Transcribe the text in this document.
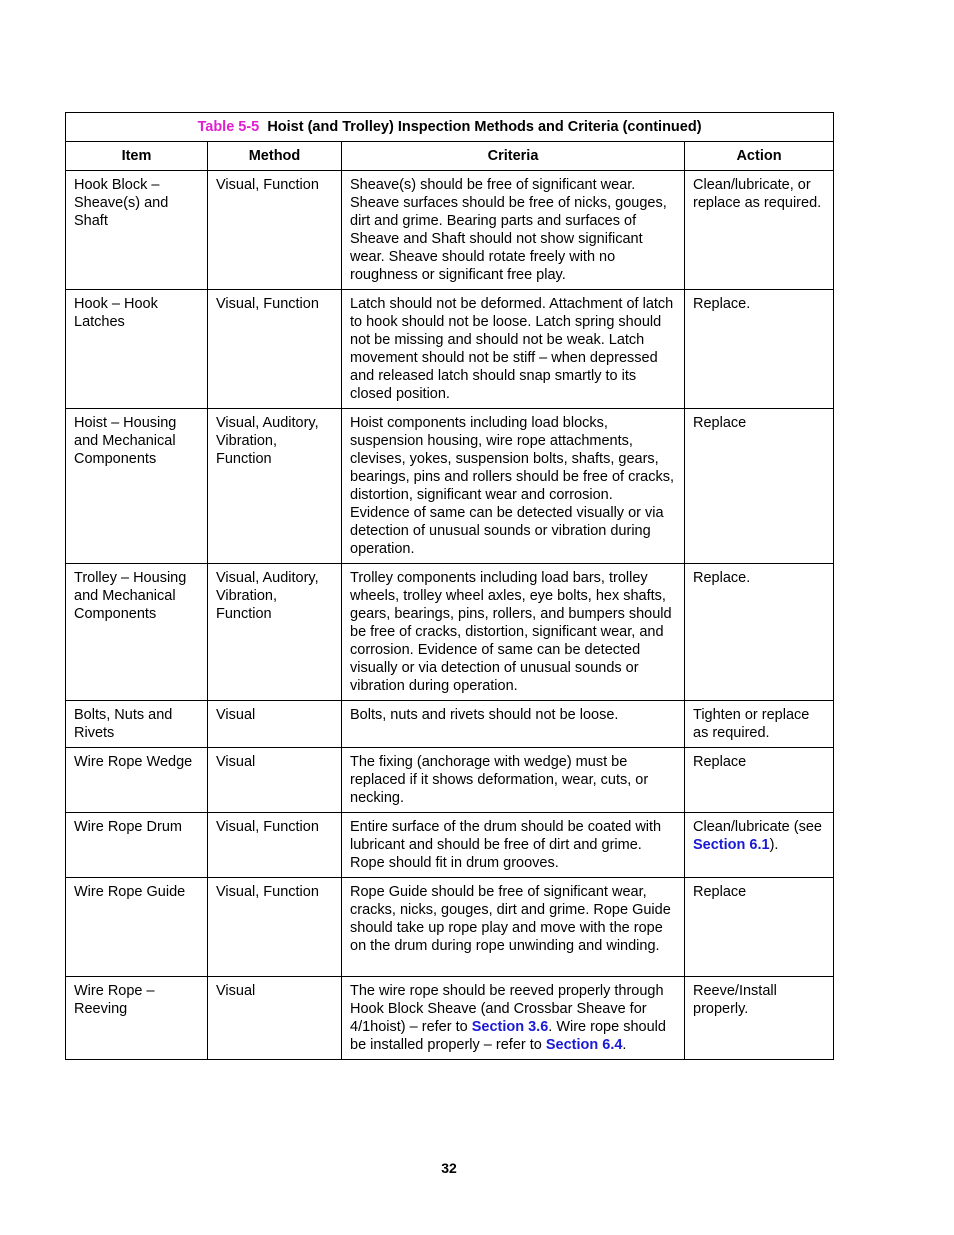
Table 5-5 Hoist (and Trolley) Inspection Methods and Criteria (continued)			
Item	Method	Criteria	Action
Hook Block – Sheave(s) and Shaft	Visual, Function	Sheave(s) should be free of significant wear. Sheave surfaces should be free of nicks, gouges, dirt and grime. Bearing parts and surfaces of Sheave and Shaft should not show significant wear. Sheave should rotate freely with no roughness or significant free play.	Clean/lubricate, or replace as required.
Hook – Hook Latches	Visual, Function	Latch should not be deformed. Attachment of latch to hook should not be loose. Latch spring should not be missing and should not be weak. Latch movement should not be stiff – when depressed and released latch should snap smartly to its closed position.	Replace.
Hoist – Housing and Mechanical Components	Visual, Auditory, Vibration, Function	Hoist components including load blocks, suspension housing, wire rope attachments, clevises, yokes, suspension bolts, shafts, gears, bearings, pins and rollers should be free of cracks, distortion, significant wear and corrosion. Evidence of same can be detected visually or via detection of unusual sounds or vibration during operation.	Replace
Trolley – Housing and Mechanical Components	Visual, Auditory, Vibration, Function	Trolley components including load bars, trolley wheels, trolley wheel axles, eye bolts, hex shafts, gears, bearings, pins, rollers, and bumpers should be free of cracks, distortion, significant wear, and corrosion. Evidence of same can be detected visually or via detection of unusual sounds or vibration during operation.	Replace.
Bolts, Nuts and Rivets	Visual	Bolts, nuts and rivets should not be loose.	Tighten or replace as required.
Wire Rope Wedge	Visual	The fixing (anchorage with wedge) must be replaced if it shows deformation, wear, cuts, or necking.	Replace
Wire Rope Drum	Visual, Function	Entire surface of the drum should be coated with lubricant and should be free of dirt and grime. Rope should fit in drum grooves.	Clean/lubricate (see Section 6.1).
Wire Rope Guide	Visual, Function	Rope Guide should be free of significant wear, cracks, nicks, gouges, dirt and grime. Rope Guide should take up rope play and move with the rope on the drum during rope unwinding and winding.	Replace
Wire Rope – Reeving	Visual	The wire rope should be reeved properly through Hook Block Sheave (and Crossbar Sheave for 4/1hoist) – refer to Section 3.6. Wire rope should be installed properly – refer to Section 6.4.	Reeve/Install properly.
32
